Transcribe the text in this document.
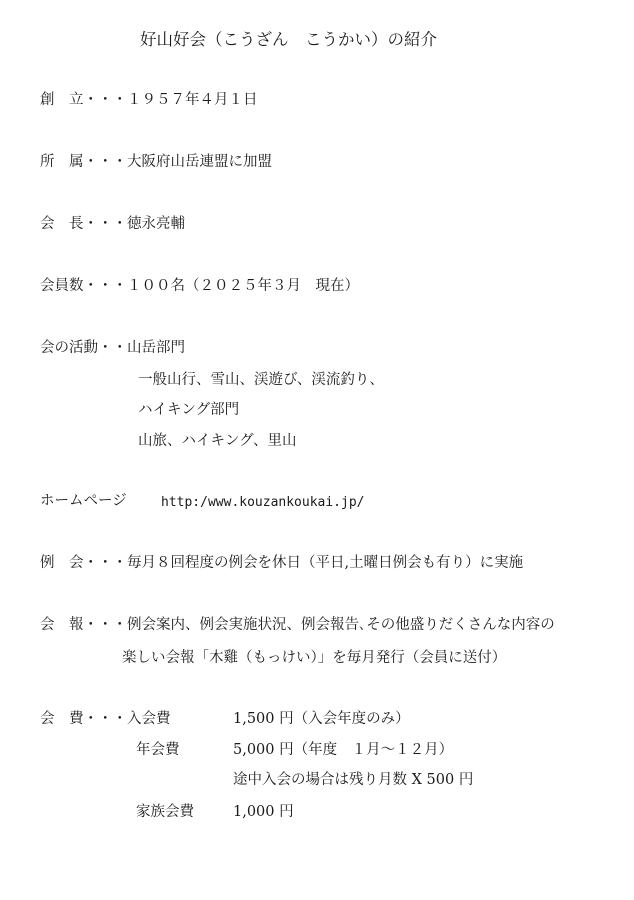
好山好会（こうざん　こうかい）の紹介
創　立・・・１９５７年４月１日
所　属・・・大阪府山岳連盟に加盟
会　長・・・徳永亮輔
会員数・・・１００名（２０２５年３月　現在）
会の活動・・山岳部門
一般山行、雪山、渓遊び、渓流釣り、
ハイキング部門
山旅、ハイキング、里山
ホームページ	http:/www.kouzankoukai.jp/
例　会・・・毎月８回程度の例会を休日（平日,土曜日例会も有り）に実施
会　報・・・例会案内、例会実施状況、例会報告､その他盛りだくさんな内容の
楽しい会報「木雞（もっけい）」を毎月発行（会員に送付）
会　費・・・入会費	1,500 円（入会年度のみ）
年会費	5,000 円（年度　１月～１２月）
途中入会の場合は残り月数 X 500 円
家族会費	1,000 円
